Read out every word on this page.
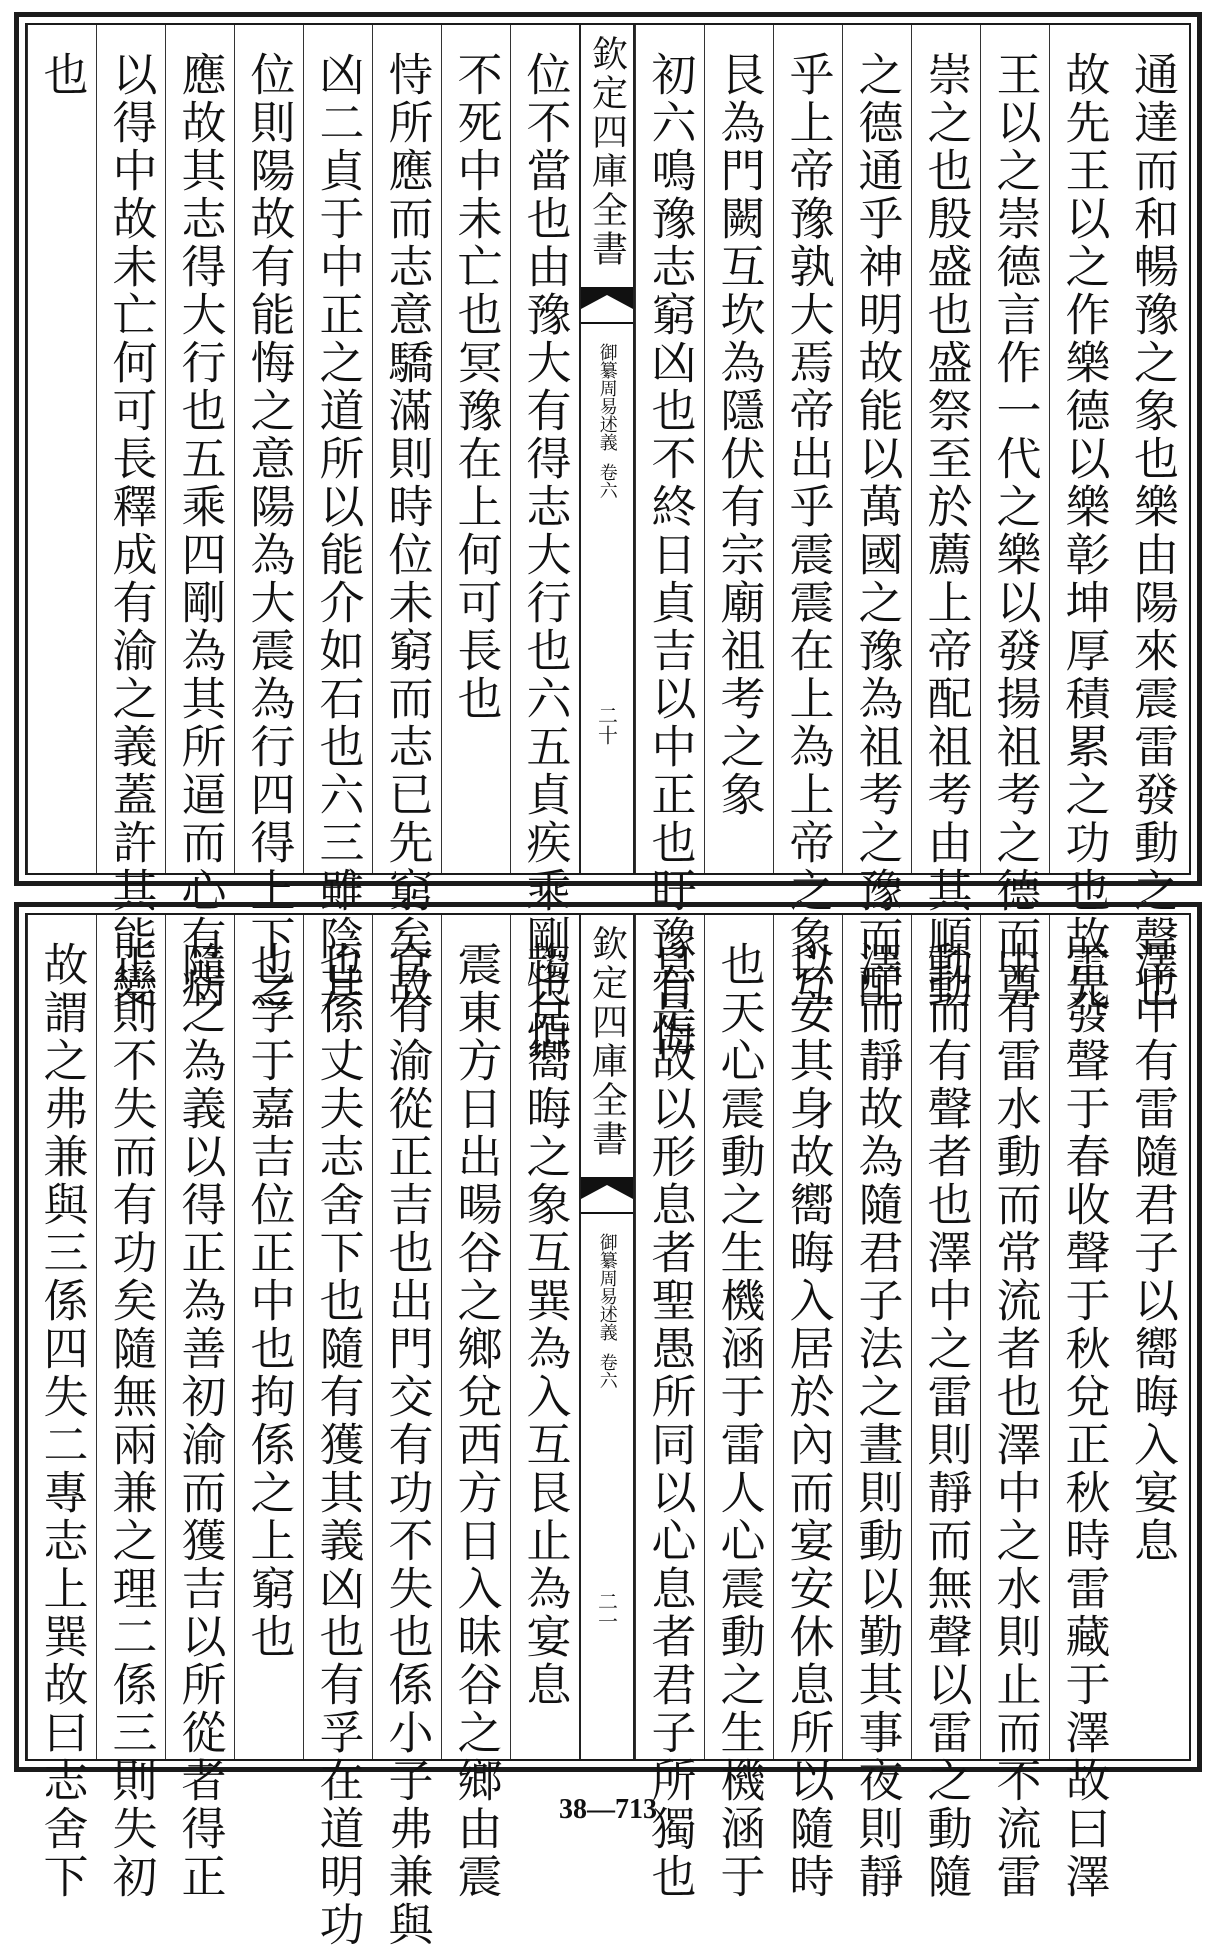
通達而和暢豫之象也樂由陽來震雷發動之聲也
故先王以之作樂德以樂彰坤厚積累之功也故先
王以之崇德言作一代之樂以發揚祖考之德而尊
崇之也殷盛也盛祭至於薦上帝配祖考由其順動
之德通乎神明故能以萬國之豫為祖考之豫而配
乎上帝豫孰大焉帝出乎震震在上為上帝之象互
艮為門闕互坎為隱伏有宗廟祖考之象
初六鳴豫志窮凶也不終日貞吉以中正也盱豫有悔
欽定四庫全書
御纂周易述義
卷六
二十
位不當也由豫大有得志大行也六五貞疾乘剛也恒
不死中未亡也冥豫在上何可長也
恃所應而志意驕滿則時位未窮而志已先窮矣故
凶二貞于中正之道所以能介如石也六三雖陰其
位則陽故有能悔之意陽為大震為行四得上下之
應故其志得大行也五乘四剛為其所逼而心有病
以得中故未亡何可長釋成有渝之義蓋許其能變
也
澤中有雷隨君子以嚮晦入宴息
雷發聲于春收聲于秋兌正秋時雷藏于澤故曰澤
中有雷水動而常流者也澤中之水則止而不流雷
動而有聲者也澤中之雷則靜而無聲以雷之動隨
澤而靜故為隨君子法之晝則動以勤其事夜則靜
以安其身故嚮晦入居於內而宴安休息所以隨時
也天心震動之生機涵于雷人心震動之生機涵于
息是故以形息者聖愚所同以心息者君子所獨也
欽定四庫全書
御纂周易述義
卷六
二一
趨兌嚮晦之象互巽為入互艮止為宴息
震東方日出暘谷之鄉兌西方日入昧谷之鄉由震
官有渝從正吉也出門交有功不失也係小子弗兼與
也係丈夫志舍下也隨有獲其義凶也有孚在道明功
也孚于嘉吉位正中也拘係之上窮也
隨之為義以得正為善初渝而獲吉以所從者得正
正則不失而有功矣隨無兩兼之理二係三則失初
故謂之弗兼與三係四失二專志上巽故曰志舍下	38—713
